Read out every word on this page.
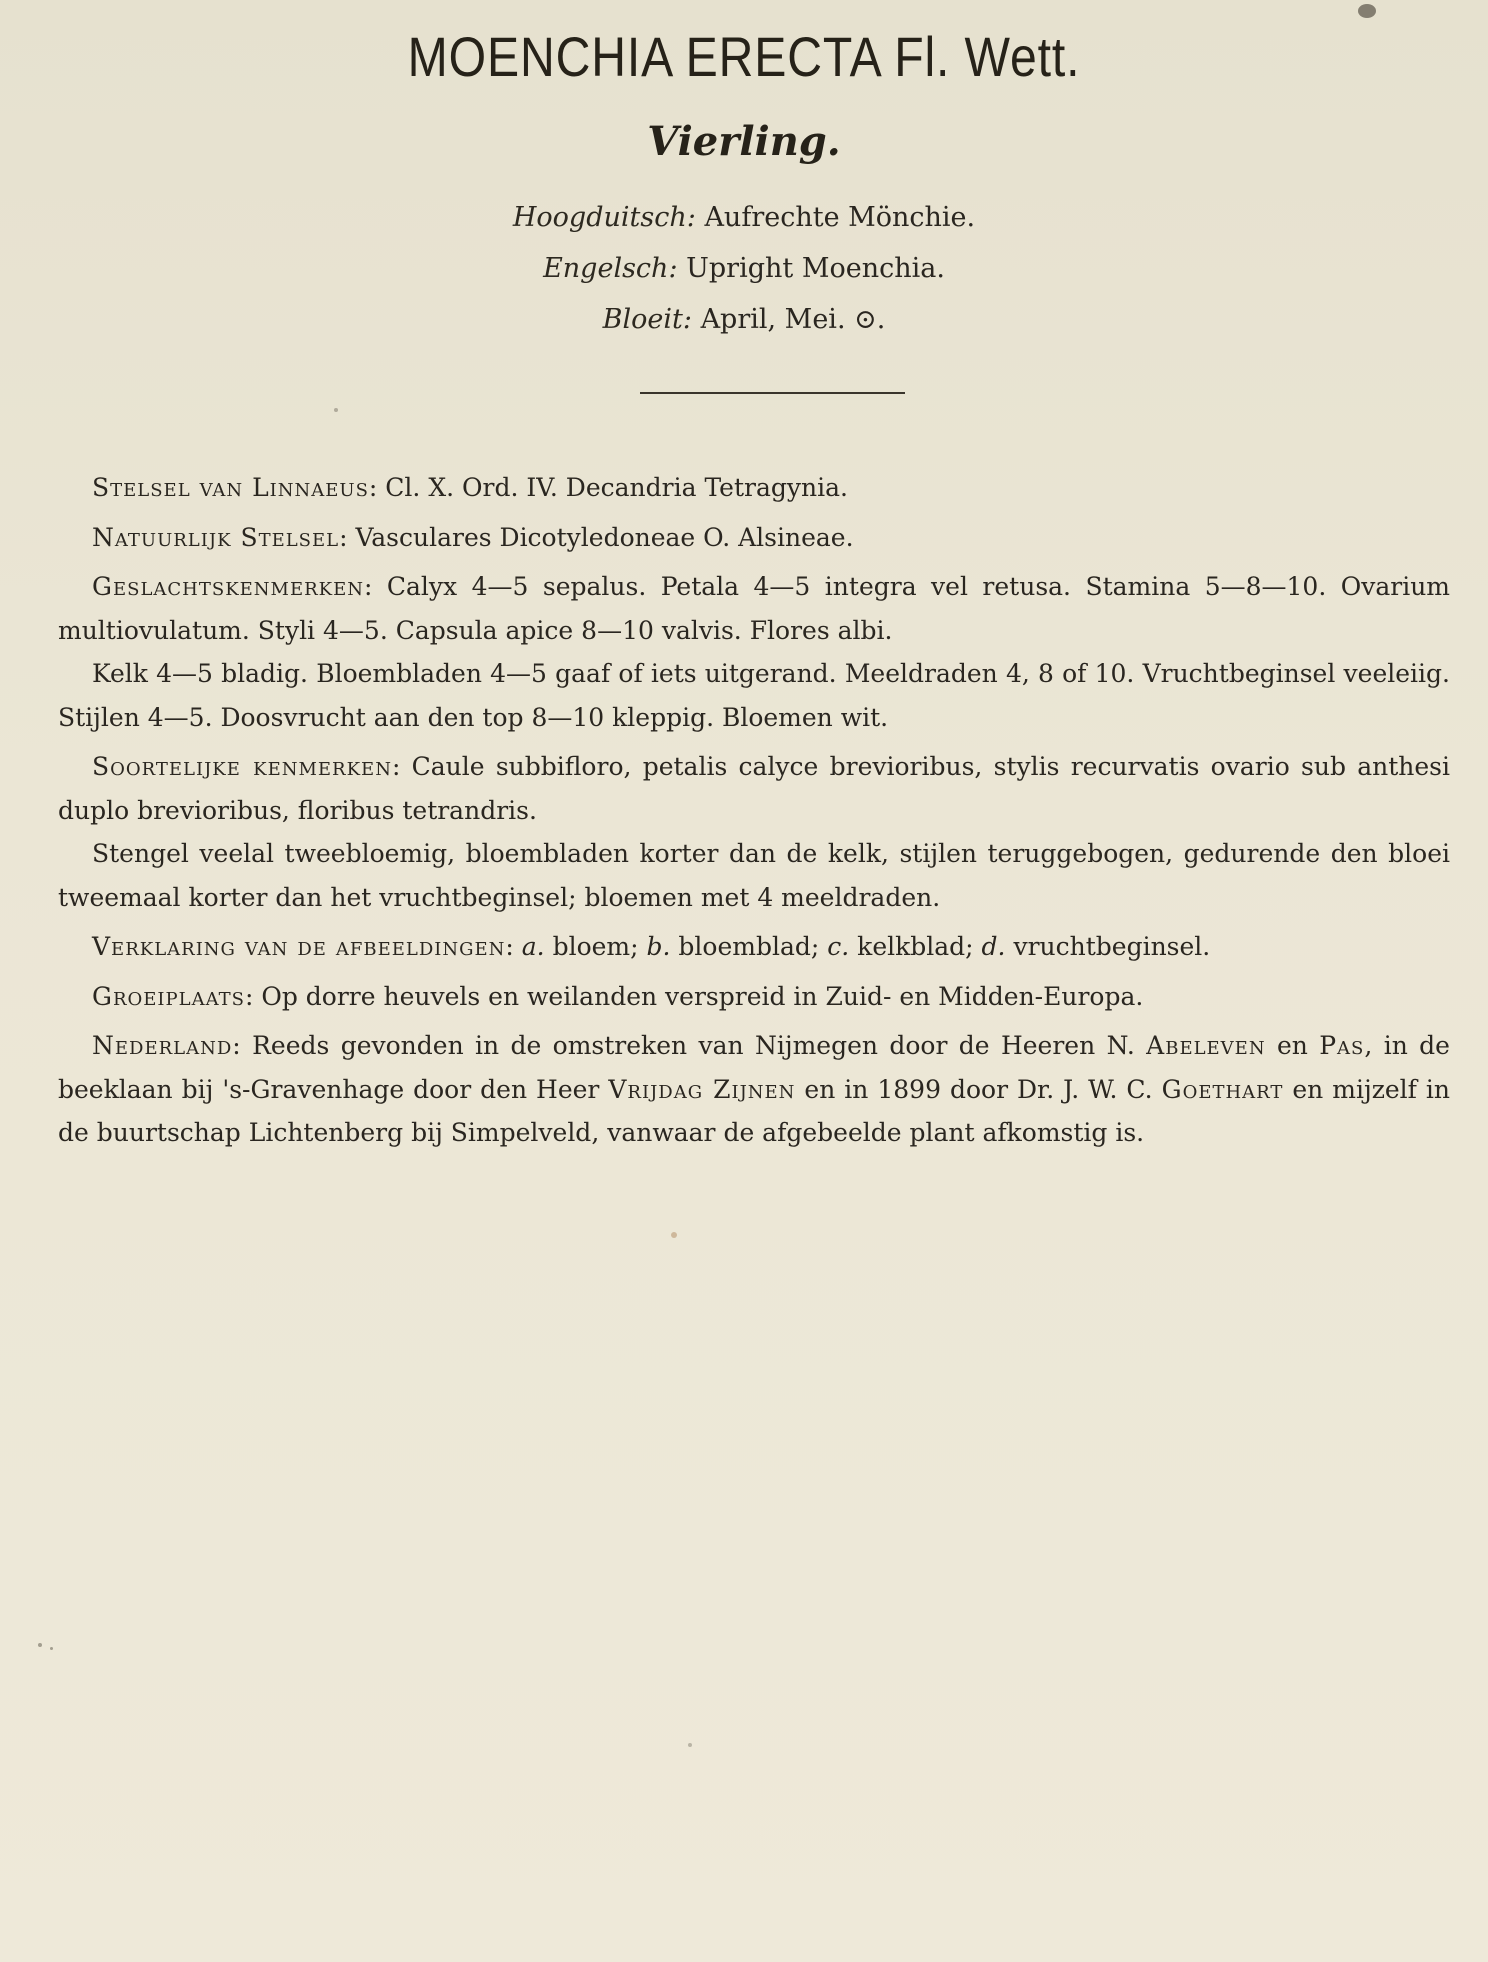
MOENCHIA ERECTA Fl. Wett.
Vierling.
Hoogduitsch: Aufrechte Mönchie.
Engelsch: Upright Moenchia.
Bloeit: April, Mei. ⊙.

Stelsel van Linnaeus: Cl. X. Ord. IV. Decandria Tetragynia.

Natuurlijk Stelsel: Vasculares Dicotyledoneae O. Alsineae.

Geslachtskenmerken: Calyx 4—5 sepalus. Petala 4—5 integra vel retusa. Stamina 5—8—10. Ovarium multiovulatum. Styli 4—5. Capsula apice 8—10 valvis. Flores albi.

Kelk 4—5 bladig. Bloembladen 4—5 gaaf of iets uitgerand. Meeldraden 4, 8 of 10. Vruchtbeginsel veeleiig. Stijlen 4—5. Doosvrucht aan den top 8—10 kleppig. Bloemen wit.

Soortelijke kenmerken: Caule subbifloro, petalis calyce brevioribus, stylis recurvatis ovario sub anthesi duplo brevioribus, floribus tetrandris.

Stengel veelal tweebloemig, bloembladen korter dan de kelk, stijlen teruggebogen, gedurende den bloei tweemaal korter dan het vruchtbeginsel; bloemen met 4 meeldraden.

Verklaring van de afbeeldingen: a. bloem; b. bloemblad; c. kelkblad; d. vruchtbeginsel.

Groeiplaats: Op dorre heuvels en weilanden verspreid in Zuid- en Midden-Europa.

Nederland: Reeds gevonden in de omstreken van Nijmegen door de Heeren N. Abeleven en Pas, in de beeklaan bij 's-Gravenhage door den Heer Vrijdag Zijnen en in 1899 door Dr. J. W. C. Goethart en mijzelf in de buurtschap Lichtenberg bij Simpelveld, vanwaar de afgebeelde plant afkomstig is.
